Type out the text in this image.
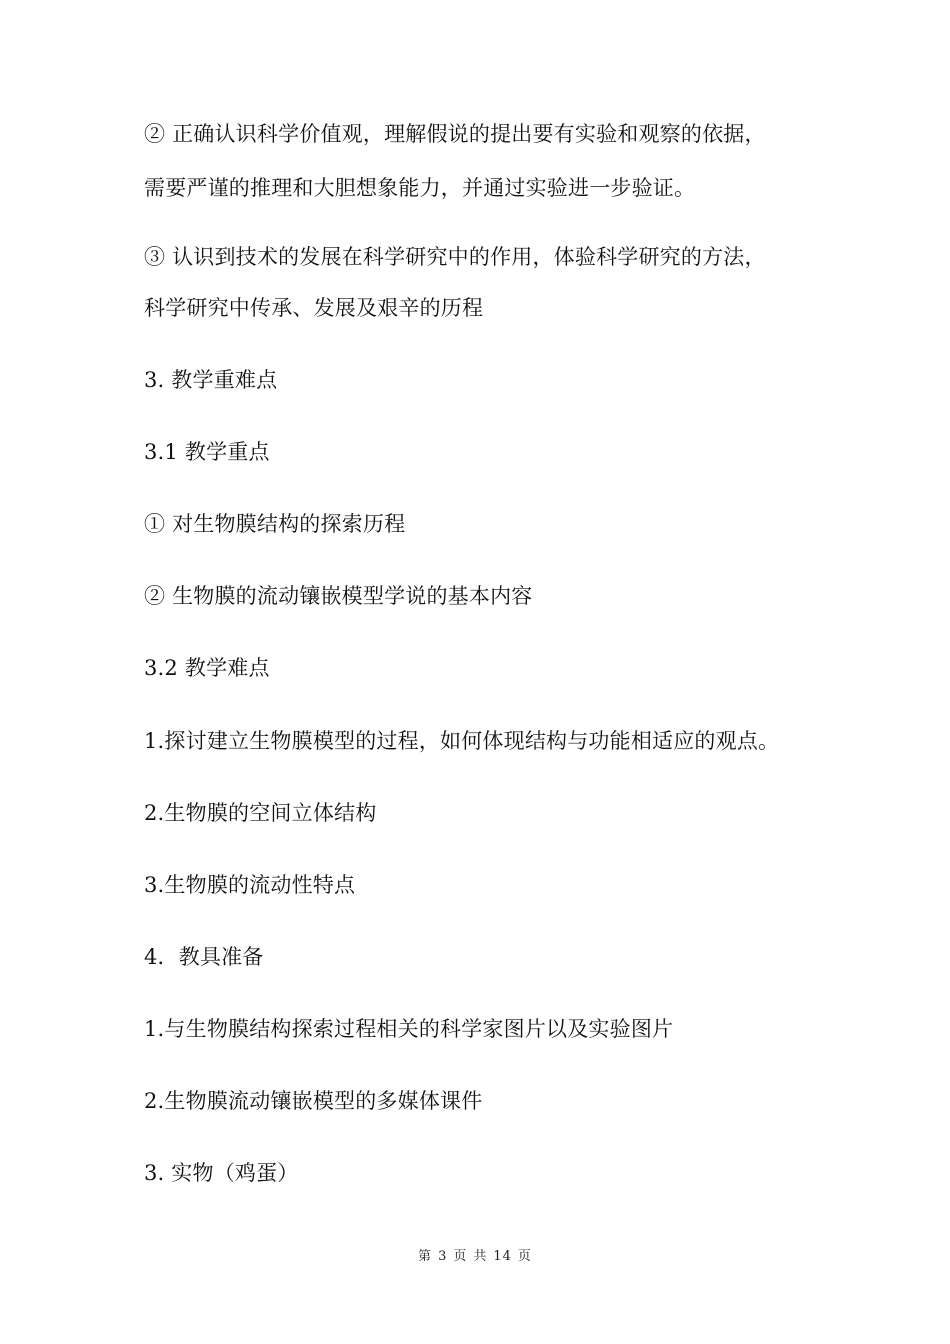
② 正确认识科学价值观，理解假说的提出要有实验和观察的依据，
需要严谨的推理和大胆想象能力，并通过实验进一步验证。
③ 认识到技术的发展在科学研究中的作用，体验科学研究的方法，
科学研究中传承、发展及艰辛的历程
3. 教学重难点
3.1 教学重点
① 对生物膜结构的探索历程
② 生物膜的流动镶嵌模型学说的基本内容
3.2 教学难点
1.探讨建立生物膜模型的过程，如何体现结构与功能相适应的观点。
2.生物膜的空间立体结构
3.生物膜的流动性特点
4．教具准备
1.与生物膜结构探索过程相关的科学家图片以及实验图片
2.生物膜流动镶嵌模型的多媒体课件
3. 实物（鸡蛋）
第 3 页 共 14 页
